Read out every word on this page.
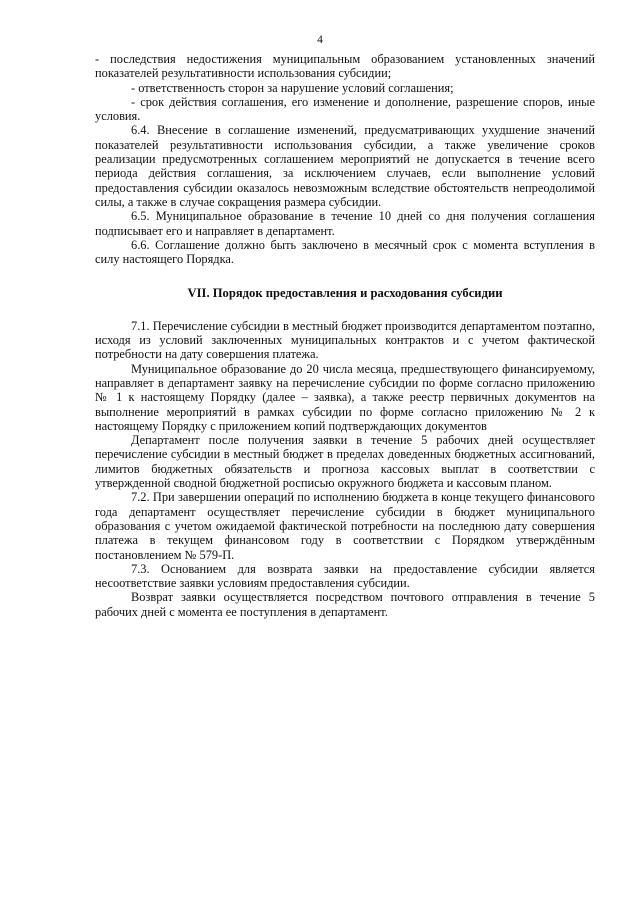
4

- последствия недостижения муниципальным образованием установленных значений показателей результативности использования субсидии;

- ответственность сторон за нарушение условий соглашения;

- срок действия соглашения, его изменение и дополнение, разрешение споров, иные условия.

6.4. Внесение в соглашение изменений, предусматривающих ухудшение значений показателей результативности использования субсидии, а также увеличение сроков реализации предусмотренных соглашением мероприятий не допускается в течение всего периода действия соглашения, за исключением случаев, если выполнение условий предоставления субсидии оказалось невозможным вследствие обстоятельств непреодолимой силы, а также в случае сокращения размера субсидии.

6.5. Муниципальное образование в течение 10 дней со дня получения соглашения подписывает его и направляет в департамент.

6.6. Соглашение должно быть заключено в месячный срок с момента вступления в силу настоящего Порядка.

VII. Порядок предоставления и расходования субсидии

7.1. Перечисление субсидии в местный бюджет производится департаментом поэтапно, исходя из условий заключенных муниципальных контрактов и с учетом фактической потребности на дату совершения платежа.

Муниципальное образование до 20 числа месяца, предшествующего финансируемому, направляет в департамент заявку на перечисление субсидии по форме согласно приложению № 1 к настоящему Порядку (далее – заявка), а также реестр первичных документов на выполнение мероприятий в рамках субсидии по форме согласно приложению № 2 к настоящему Порядку с приложением копий подтверждающих документов

Департамент после получения заявки в течение 5 рабочих дней осуществляет перечисление субсидии в местный бюджет в пределах доведенных бюджетных ассигнований, лимитов бюджетных обязательств и прогноза кассовых выплат в соответствии с утвержденной сводной бюджетной росписью окружного бюджета и кассовым планом.

7.2. При завершении операций по исполнению бюджета в конце текущего финансового года департамент осуществляет перечисление субсидии в бюджет муниципального образования с учетом ожидаемой фактической потребности на последнюю дату совершения платежа в текущем финансовом году в соответствии с Порядком утверждённым постановлением № 579-П.

7.3. Основанием для возврата заявки на предоставление субсидии является несоответствие заявки условиям предоставления субсидии.

Возврат заявки осуществляется посредством почтового отправления в течение 5 рабочих дней с момента ее поступления в департамент.
